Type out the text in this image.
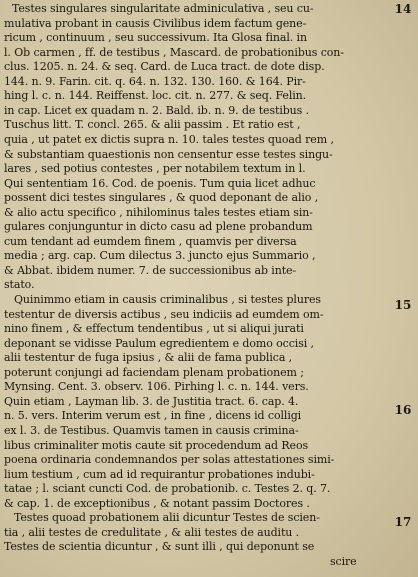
Testes singulares singularitate adminiculativa , seu cu-
mulativa probant in causis Civilibus idem factum gene-
ricum , continuum , seu successivum. Ita Glosa final. in
l. Ob carmen , ff. de testibus , Mascard. de probationibus con-
clus. 1205. n. 24. & seq. Card. de Luca tract. de dote disp.
144. n. 9. Farin. cit. q. 64. n. 132. 130. 160. & 164. Pir-
hing l. c. n. 144. Reiffenst. loc. cit. n. 277. & seq. Felin.
in cap. Licet ex quadam n. 2. Bald. ib. n. 9. de testibus .
Tuschus litt. T. concl. 265. & alii passim . Et ratio est ,
quia , ut patet ex dictis supra n. 10. tales testes quoad rem ,
& substantiam quaestionis non censentur esse testes singu-
lares , sed potius contestes , per notabilem textum in l.
Qui sententiam 16. Cod. de poenis. Tum quia licet adhuc
possent dici testes singulares , & quod deponant de alio ,
& alio actu specifico , nihilominus tales testes etiam sin-
gulares conjunguntur in dicto casu ad plene probandum
cum tendant ad eumdem finem , quamvis per diversa
media ; arg. cap. Cum dilectus 3. juncto ejus Summario ,
& Abbat. ibidem numer. 7. de successionibus ab inte-
stato.
Quinimmo etiam in causis criminalibus , si testes plures
testentur de diversis actibus , seu indiciis ad eumdem om-
nino finem , & effectum tendentibus , ut si aliqui jurati
deponant se vidisse Paulum egredientem e domo occisi ,
alii testentur de fuga ipsius , & alii de fama publica ,
poterunt conjungi ad faciendam plenam probationem ;
Mynsing. Cent. 3. observ. 106. Pirhing l. c. n. 144. vers.
Quin etiam , Layman lib. 3. de Justitia tract. 6. cap. 4.
n. 5. vers. Interim verum est , in fine , dicens id colligi
ex l. 3. de Testibus. Quamvis tamen in causis crimina-
libus criminaliter motis caute sit procedendum ad Reos
poena ordinaria condemnandos per solas attestationes simi-
lium testium , cum ad id requirantur probationes indubi-
tatae ; l. sciant cuncti Cod. de probationib. c. Testes 2. q. 7.
& cap. 1. de exceptionibus , & notant passim Doctores .
Testes quoad probationem alii dicuntur Testes de scien-
tia , alii testes de credulitate , & alii testes de auditu .
Testes de scientia dicuntur , & sunt illi , qui deponunt se
scire
14
15
16
17
